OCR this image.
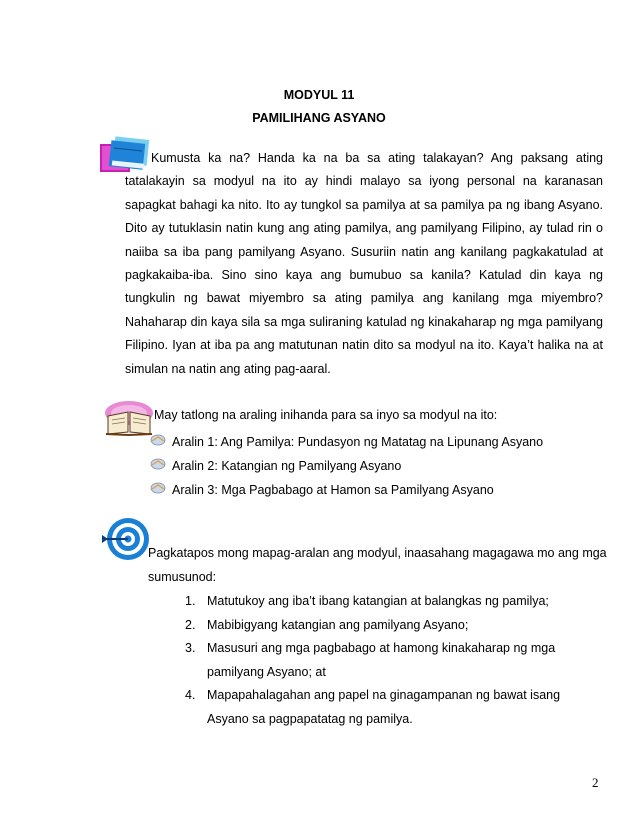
MODYUL 11
PAMILIHANG ASYANO

Kumusta ka na? Handa ka na ba sa ating talakayan? Ang paksang ating tatalakayin sa modyul na ito ay hindi malayo sa iyong personal na karanasan sapagkat bahagi ka nito. Ito ay tungkol sa pamilya at sa pamilya pa ng ibang Asyano. Dito ay tutuklasin natin kung ang ating pamilya, ang pamilyang Filipino, ay tulad rin o naiiba sa iba pang pamilyang Asyano. Susuriin natin ang kanilang pagkakatulad at pagkakaiba-iba. Sino sino kaya ang bumubuo sa kanila? Katulad din kaya ng tungkulin ng bawat miyembro sa ating pamilya ang kanilang mga miyembro? Nahaharap din kaya sila sa mga suliraning katulad ng kinakaharap ng mga pamilyang Filipino. Iyan at iba pa ang matutunan natin dito sa modyul na ito. Kaya’t halika na at simulan na natin ang ating pag-aaral.

May tatlong na araling inihanda para sa inyo sa modyul na ito:
Aralin 1: Ang Pamilya: Pundasyon ng Matatag na Lipunang Asyano
Aralin 2: Katangian ng Pamilyang Asyano
Aralin 3: Mga Pagbabago at Hamon sa Pamilyang Asyano

Pagkatapos mong mapag-aralan ang modyul, inaasahang magagawa mo ang mga sumusunod:

1. Matutukoy ang iba’t ibang katangian at balangkas ng pamilya;
2. Mabibigyang katangian ang pamilyang Asyano;
3. Masusuri ang mga pagbabago at hamong kinakaharap ng mga pamilyang Asyano; at
4. Mapapahalagahan ang papel na ginagampanan ng bawat isang Asyano sa pagpapatatag ng pamilya.
2
